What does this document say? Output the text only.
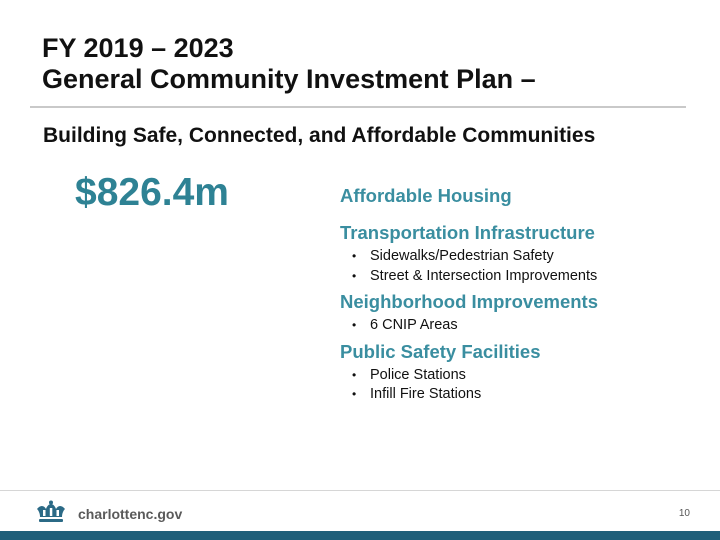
FY 2019 – 2023
General Community Investment Plan –
Building Safe, Connected, and Affordable Communities
$826.4m	Affordable Housing
Transportation Infrastructure
• Sidewalks/Pedestrian Safety
• Street & Intersection Improvements
Neighborhood Improvements
• 6 CNIP Areas
Public Safety Facilities
• Police Stations
• Infill Fire Stations
charlottenc.gov	10
